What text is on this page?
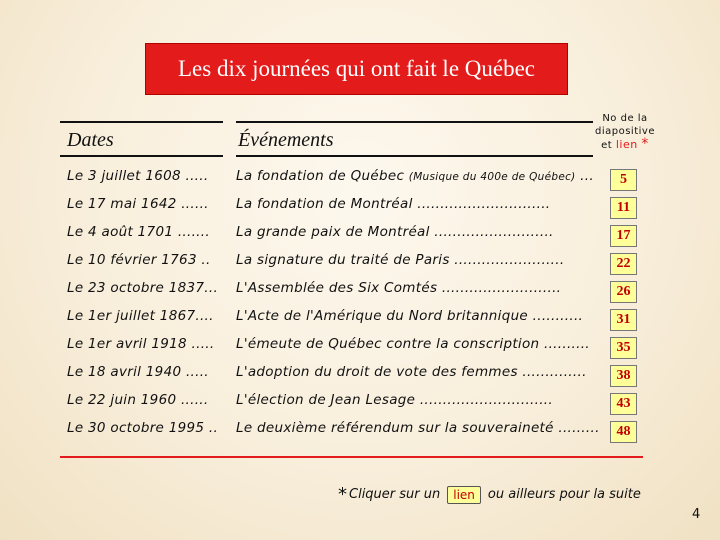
Les dix journées qui ont fait le Québec
Dates	Événements
No de la
diapositive
et lien *
Le 3 juillet 1608 ..... La fondation de Québec (Musique du 400e de Québec) ...	5
Le 17 mai 1642 ...... La fondation de Montréal .............................	11
Le 4 août 1701 ....... La grande paix de Montréal ..........................	17
Le 10 février 1763 .. La signature du traité de Paris ........................	22
Le 23 octobre 1837... L'Assemblée des Six Comtés ..........................	26
Le 1er juillet 1867.... L'Acte de l'Amérique du Nord britannique ...........	31
Le 1er avril 1918 ..... L'émeute de Québec contre la conscription ..........	35
Le 18 avril 1940 ..... L'adoption du droit de vote des femmes ..............	38
Le 22 juin 1960 ...... L'élection de Jean Lesage .............................	43
Le 30 octobre 1995 .. Le deuxième référendum sur la souveraineté .........	48
* Cliquer sur un	lien	ou ailleurs pour la suite
4
